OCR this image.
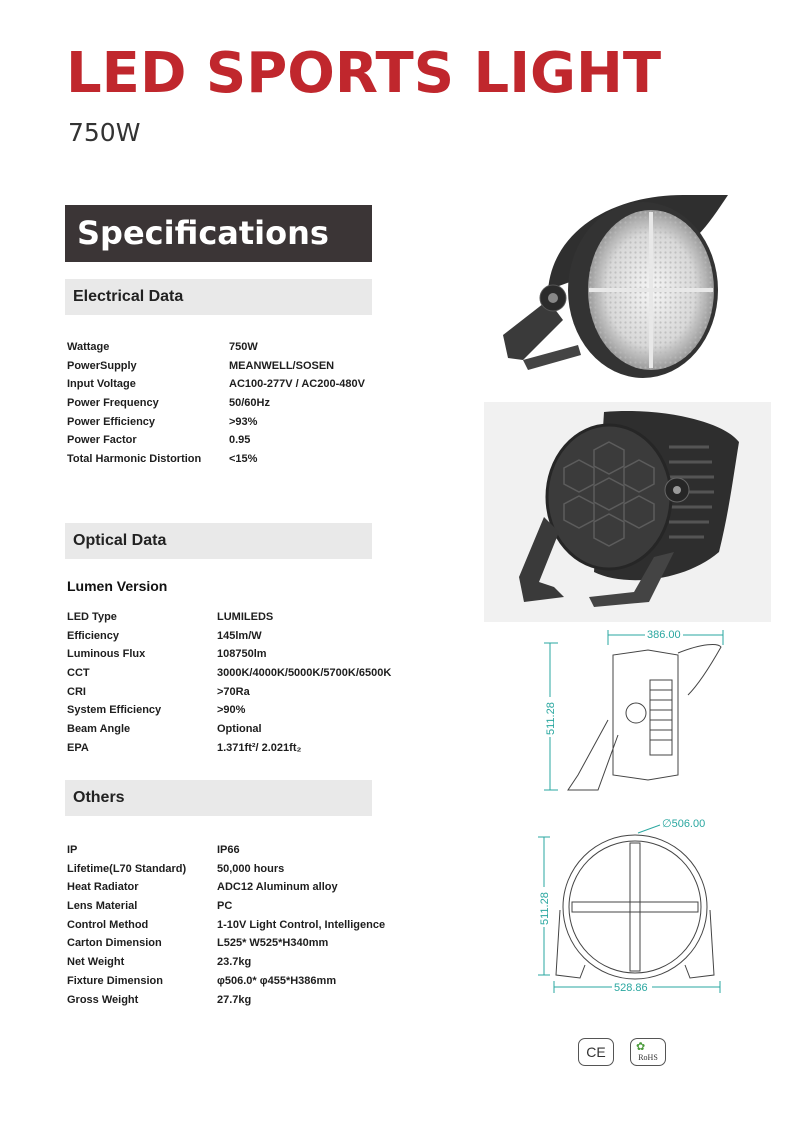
LED SPORTS LIGHT
750W
Specifications
Electrical Data
Wattage	750W
PowerSupply	MEANWELL/SOSEN
Input Voltage	AC100-277V / AC200-480V
Power Frequency	50/60Hz
Power Efficiency	>93%
Power Factor	0.95
Total Harmonic Distortion	<15%
Optical Data
Lumen Version
LED Type	LUMILEDS
Efficiency	145lm/W
Luminous Flux	108750lm
CCT	3000K/4000K/5000K/5700K/6500K
CRI	>70Ra
System Efficiency	>90%
Beam Angle	Optional
EPA	1.371ft²/ 2.021ft₂
Others
IP	IP66
Lifetime(L70 Standard)	50,000 hours
Heat Radiator	ADC12 Aluminum alloy
Lens Material	PC
Control Method	1-10V Light Control, Intelligence
Carton Dimension	L525* W525*H340mm
Net Weight	23.7kg
Fixture Dimension	φ506.0* φ455*H386mm
Gross Weight	27.7kg
386.00
511.28
∅506.00
511.28
528.86
CE	✿
RoHS
